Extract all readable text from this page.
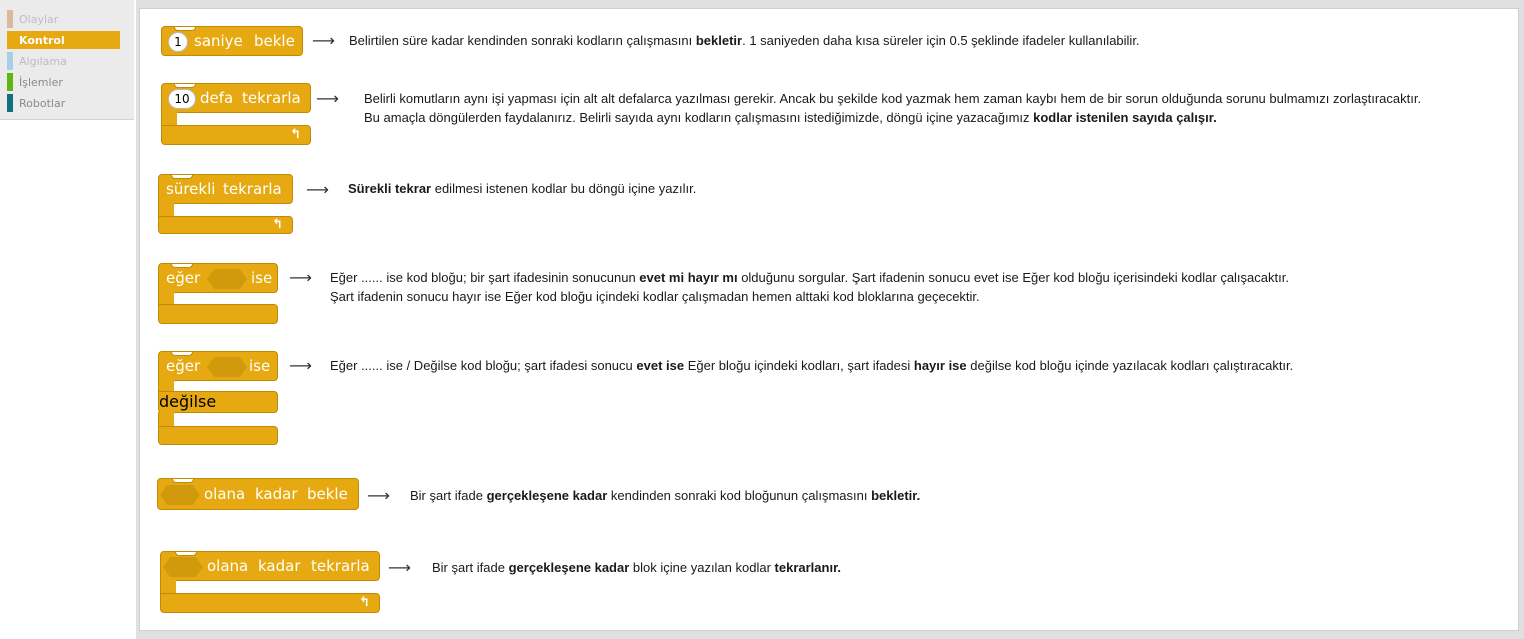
Olaylar
Kontrol
Algılama
İşlemler
Robotlar
1 saniye bekle ⟶ Belirtilen süre kadar kendinden sonraki kodların çalışmasını bekletir. 1 saniyeden daha kısa süreler için 0.5 şeklinde ifadeler kullanılabilir.
10 defa tekrarla
↰
⟶ Belirli komutların aynı işi yapması için alt alt defalarca yazılması gerekir. Ancak bu şekilde kod yazmak hem zaman kaybı hem de bir sorun olduğunda sorunu bulmamızı zorlaştıracaktır.
Bu amaçla döngülerden faydalanırız. Belirli sayıda aynı kodların çalışmasını istediğimizde, döngü içine yazacağımız kodlar istenilen sayıda çalışır.
sürekli tekrarla
↰
⟶ Sürekli tekrar edilmesi istenen kodlar bu döngü içine yazılır.
eğer	ise ⟶ Eğer ...... ise kod bloğu; bir şart ifadesinin sonucunun evet mi hayır mı olduğunu sorgular. Şart ifadenin sonucu evet ise Eğer kod bloğu içerisindeki kodlar çalışacaktır.
Şart ifadenin sonucu hayır ise Eğer kod bloğu içindeki kodlar çalışmadan hemen alttaki kod bloklarına geçecektir.
eğer	ise
değilse
⟶ Eğer ...... ise / Değilse kod bloğu; şart ifadesi sonucu evet ise Eğer bloğu içindeki kodları, şart ifadesi hayır ise değilse kod bloğu içinde yazılacak kodları çalıştıracaktır.
olana kadar bekle ⟶ Bir şart ifade gerçekleşene kadar kendinden sonraki kod bloğunun çalışmasını bekletir.
olana kadar tekrarla
↰
⟶ Bir şart ifade gerçekleşene kadar blok içine yazılan kodlar tekrarlanır.
